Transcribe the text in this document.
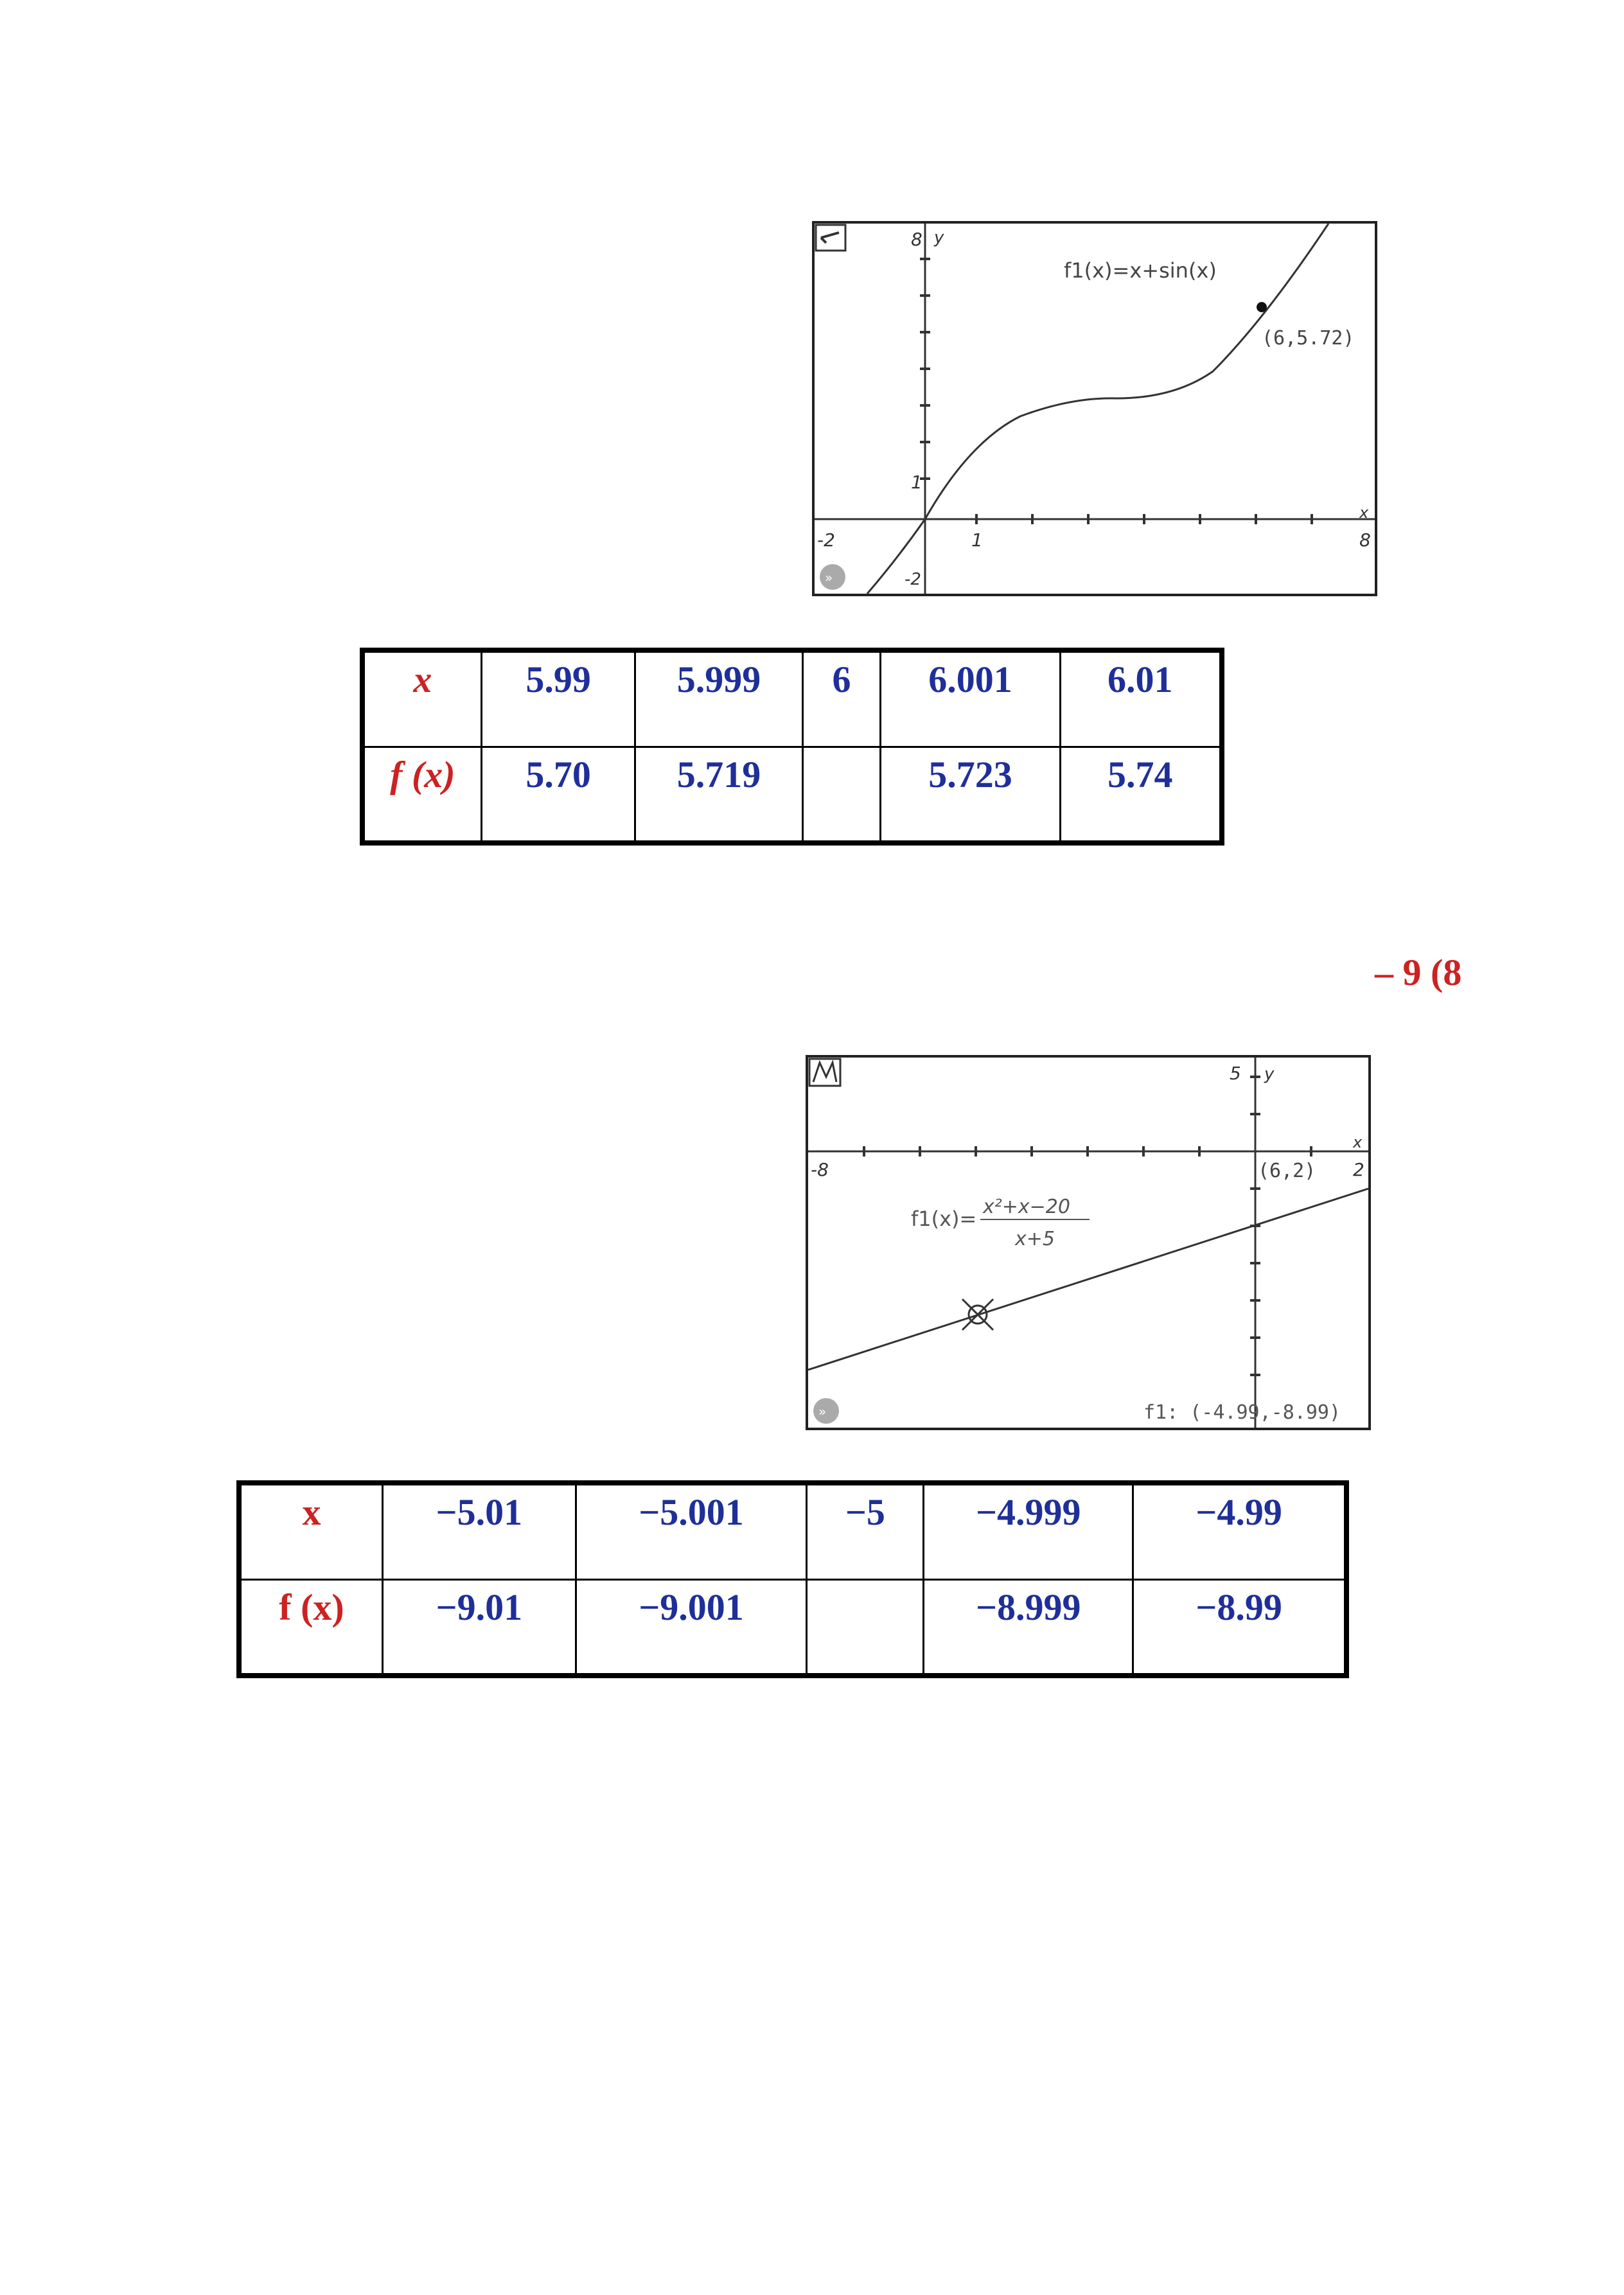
8 y
1
-2	1	8
x
-2
f1(x)=x+sin(x)
(6,5.72)
»
x	5.99	5.999	6	6.001	6.01
f (x)	5.70	5.719		5.723	5.74
– 9 (8
5 y
-8	2
x
(6,2)
f1(x)= x²+x−20
x+5
f1: (-4.99,-8.99)
»
x	−5.01	−5.001	−5	−4.999	−4.99
f (x)	−9.01	−9.001		−8.999	−8.99
